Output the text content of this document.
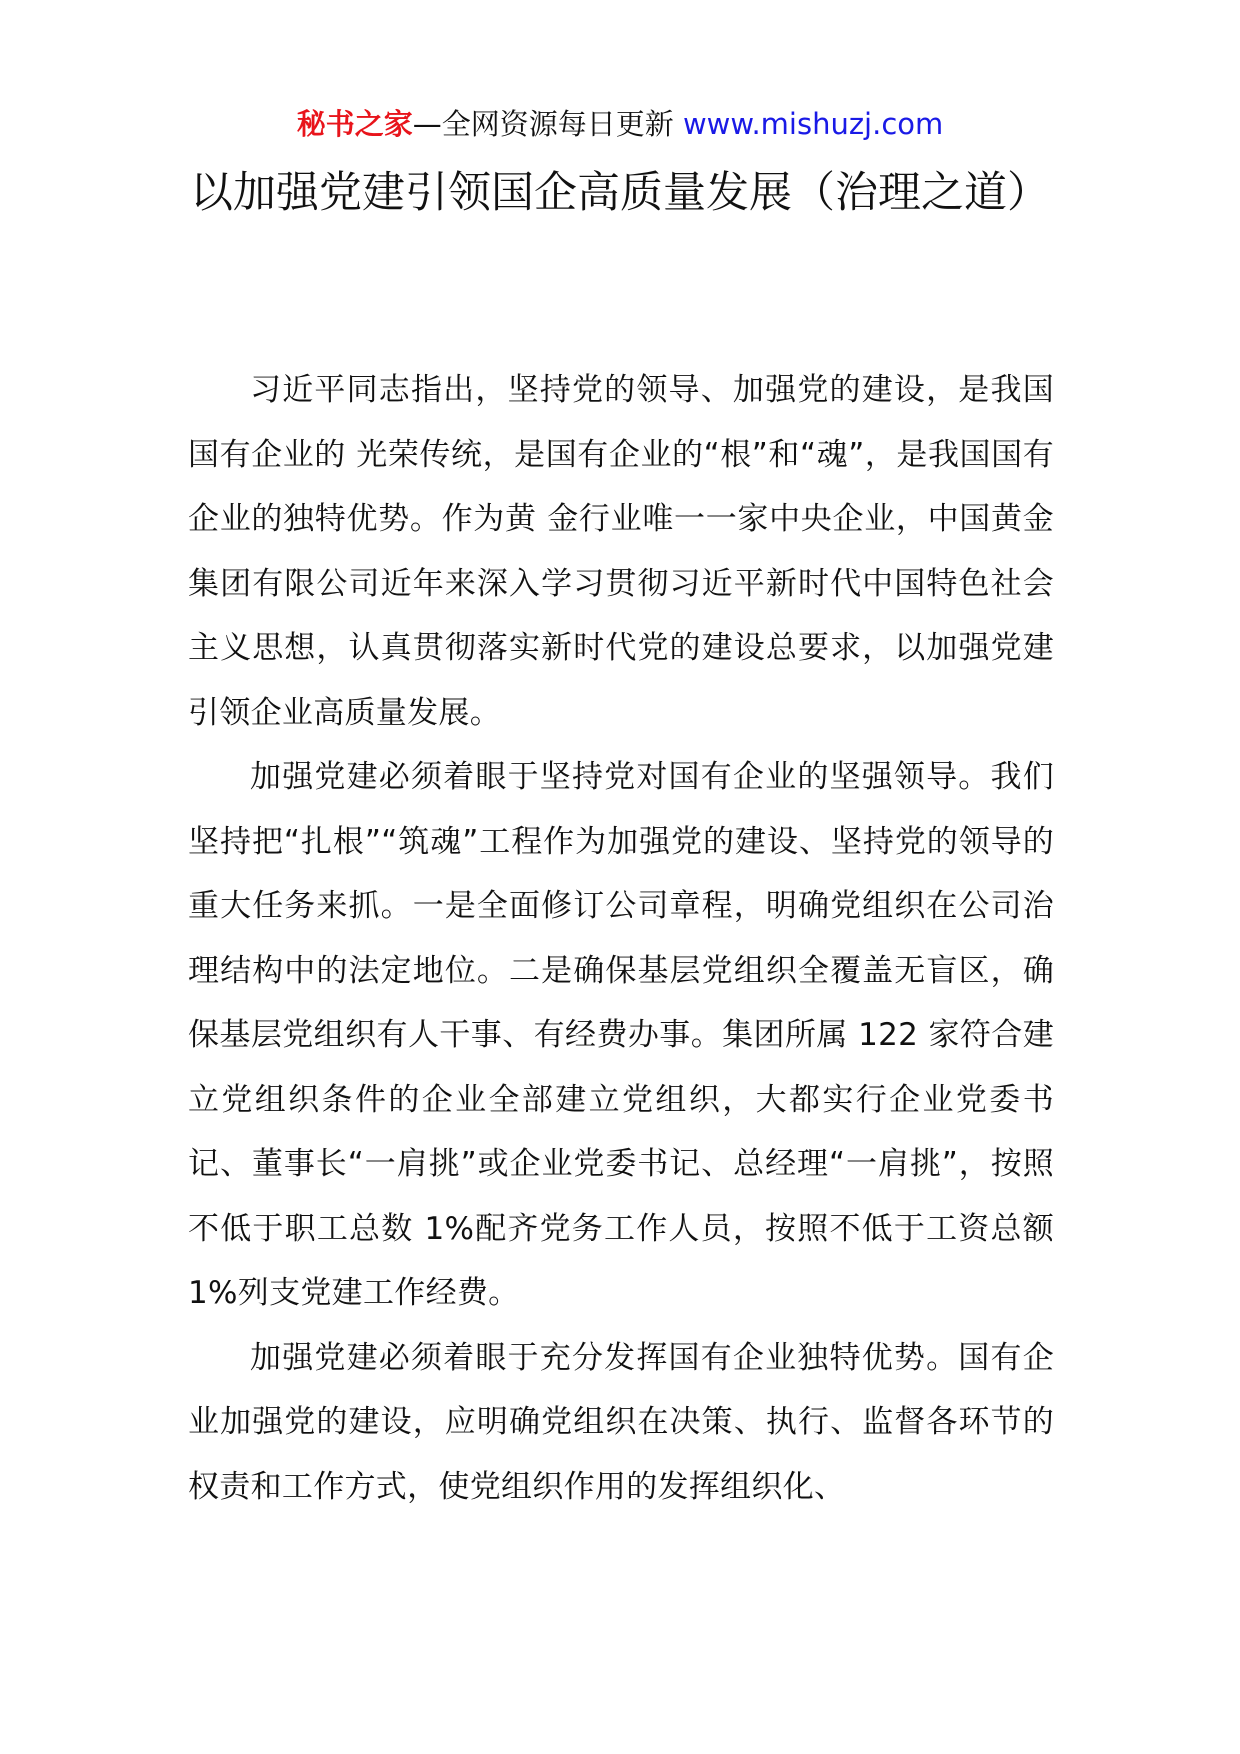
秘书之家—全网资源每日更新 www.mishuzj.com
以加强党建引领国企高质量发展（治理之道）

习近平同志指出，坚持党的领导、加强党的建设，是我国国有企业的 光荣传统，是国有企业的“根”和“魂”，是我国国有企业的独特优势。作为黄 金行业唯一一家中央企业，中国黄金集团有限公司近年来深入学习贯彻习近平新时代中国特色社会主义思想，认真贯彻落实新时代党的建设总要求，以加强党建引领企业高质量发展。

加强党建必须着眼于坚持党对国有企业的坚强领导。我们坚持把“扎根”“筑魂”工程作为加强党的建设、坚持党的领导的重大任务来抓。一是全面修订公司章程，明确党组织在公司治理结构中的法定地位。二是确保基层党组织全覆盖无盲区，确保基层党组织有人干事、有经费办事。集团所属 122 家符合建立党组织条件的企业全部建立党组织，大都实行企业党委书记、董事长“一肩挑”或企业党委书记、总经理“一肩挑”，按照不低于职工总数 1%配齐党务工作人员，按照不低于工资总额 1%列支党建工作经费。

加强党建必须着眼于充分发挥国有企业独特优势。国有企业加强党的建设，应明确党组织在决策、执行、监督各环节的权责和工作方式，使党组织作用的发挥组织化、
